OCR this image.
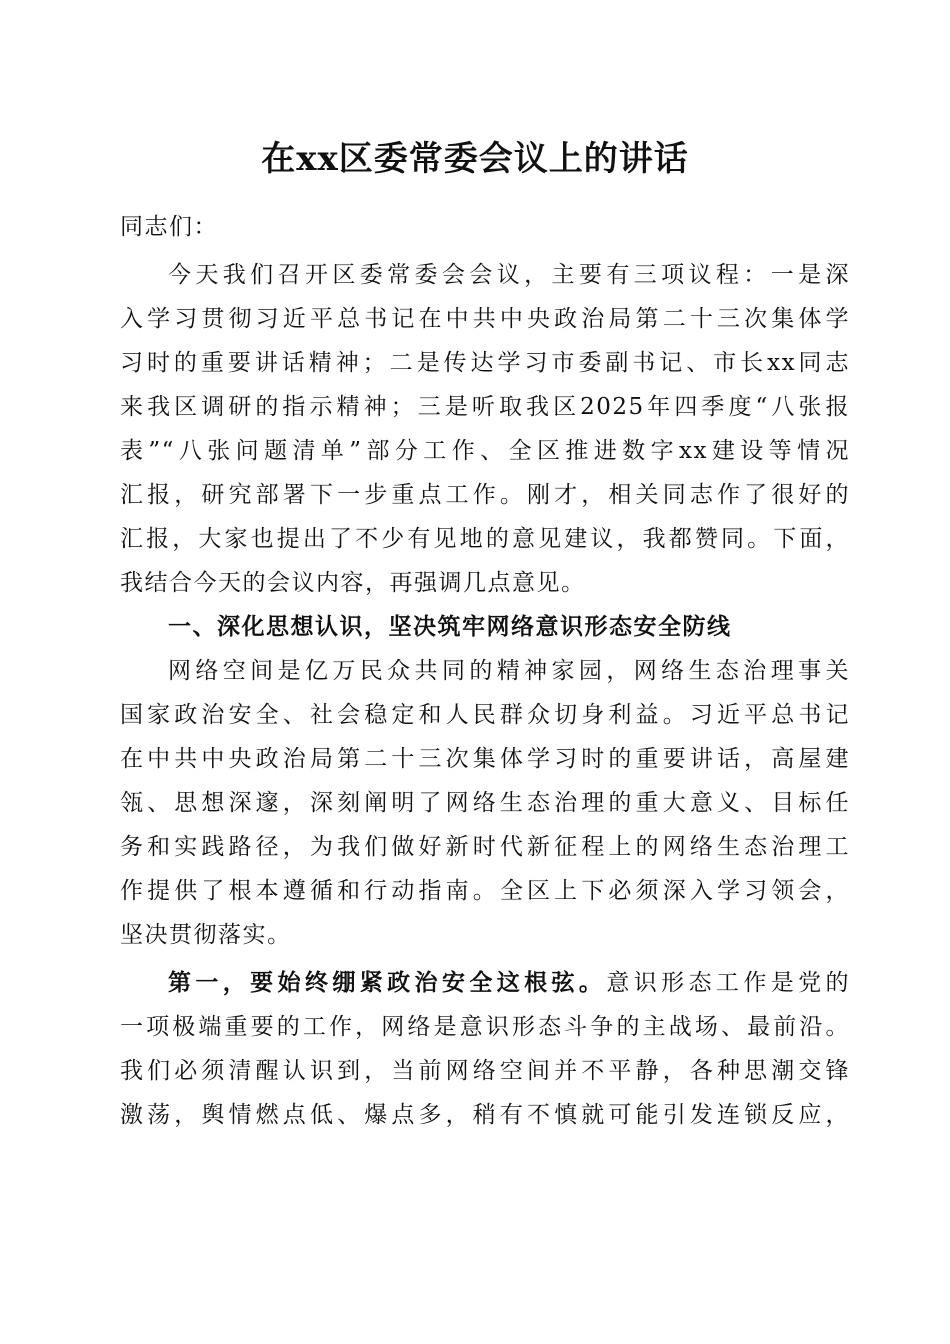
在xx区委常委会议上的讲话
同志们：
今天我们召开区委常委会会议，主要有三项议程：一是深
入学习贯彻习近平总书记在中共中央政治局第二十三次集体学
习时的重要讲话精神；二是传达学习市委副书记、市长xx同志
来我区调研的指示精神；三是听取我区2025年四季度“八张报
表”“八张问题清单”部分工作、全区推进数字xx建设等情况
汇报，研究部署下一步重点工作。刚才，相关同志作了很好的
汇报，大家也提出了不少有见地的意见建议，我都赞同。下面，
我结合今天的会议内容，再强调几点意见。
一、深化思想认识，坚决筑牢网络意识形态安全防线
网络空间是亿万民众共同的精神家园，网络生态治理事关
国家政治安全、社会稳定和人民群众切身利益。习近平总书记
在中共中央政治局第二十三次集体学习时的重要讲话，高屋建
瓴、思想深邃，深刻阐明了网络生态治理的重大意义、目标任
务和实践路径，为我们做好新时代新征程上的网络生态治理工
作提供了根本遵循和行动指南。全区上下必须深入学习领会，
坚决贯彻落实。
第一，要始终绷紧政治安全这根弦。意识形态工作是党的
一项极端重要的工作，网络是意识形态斗争的主战场、最前沿。
我们必须清醒认识到，当前网络空间并不平静，各种思潮交锋
激荡，舆情燃点低、爆点多，稍有不慎就可能引发连锁反应，
